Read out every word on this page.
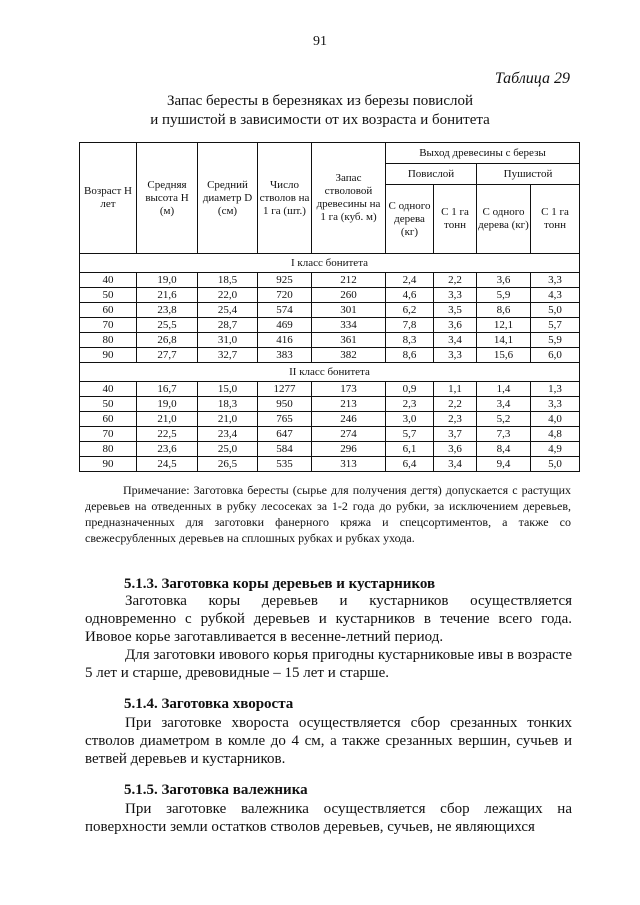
91
Таблица 29
Запас бересты в березняках из березы повислой
и пушистой в зависимости от их возраста и бонитета
Возраст Н лет	Средняя высота Н (м)	Средний диаметр D (см)	Число стволов на 1 га (шт.)	Запас стволовой древесины на 1 га (куб. м)	Выход древесины с березы			
					Повислой		Пушистой	
					С одного дерева (кг)	С 1 га тонн	С одного дерева (кг)	С 1 га тонн
I класс бонитета								
40	19,0	18,5	925	212	2,4	2,2	3,6	3,3
50	21,6	22,0	720	260	4,6	3,3	5,9	4,3
60	23,8	25,4	574	301	6,2	3,5	8,6	5,0
70	25,5	28,7	469	334	7,8	3,6	12,1	5,7
80	26,8	31,0	416	361	8,3	3,4	14,1	5,9
90	27,7	32,7	383	382	8,6	3,3	15,6	6,0
II класс бонитета								
40	16,7	15,0	1277	173	0,9	1,1	1,4	1,3
50	19,0	18,3	950	213	2,3	2,2	3,4	3,3
60	21,0	21,0	765	246	3,0	2,3	5,2	4,0
70	22,5	23,4	647	274	5,7	3,7	7,3	4,8
80	23,6	25,0	584	296	6,1	3,6	8,4	4,9
90	24,5	26,5	535	313	6,4	3,4	9,4	5,0

Примечание: Заготовка бересты (сырье для получения дегтя) допускается с растущих деревьев на отведенных в рубку лесосеках за 1-2 года до рубки, за исключением деревьев, предназначенных для заготовки фанерного кряжа и спецсортиментов, а также со свежесрубленных деревьев на сплошных рубках и рубках ухода.

5.1.3. Заготовка коры деревьев и кустарников

Заготовка коры деревьев и кустарников осуществляется одновременно с рубкой деревьев и кустарников в течение всего года. Ивовое корье заготавливается в весенне-летний период.

Для заготовки ивового корья пригодны кустарниковые ивы в возрасте 5 лет и старше, древовидные – 15 лет и старше.

5.1.4. Заготовка хвороста

При заготовке хвороста осуществляется сбор срезанных тонких стволов диаметром в комле до 4 см, а также срезанных вершин, сучьев и ветвей деревьев и кустарников.

5.1.5. Заготовка валежника

При заготовке валежника осуществляется сбор лежащих на поверхности земли остатков стволов деревьев, сучьев, не являющихся
